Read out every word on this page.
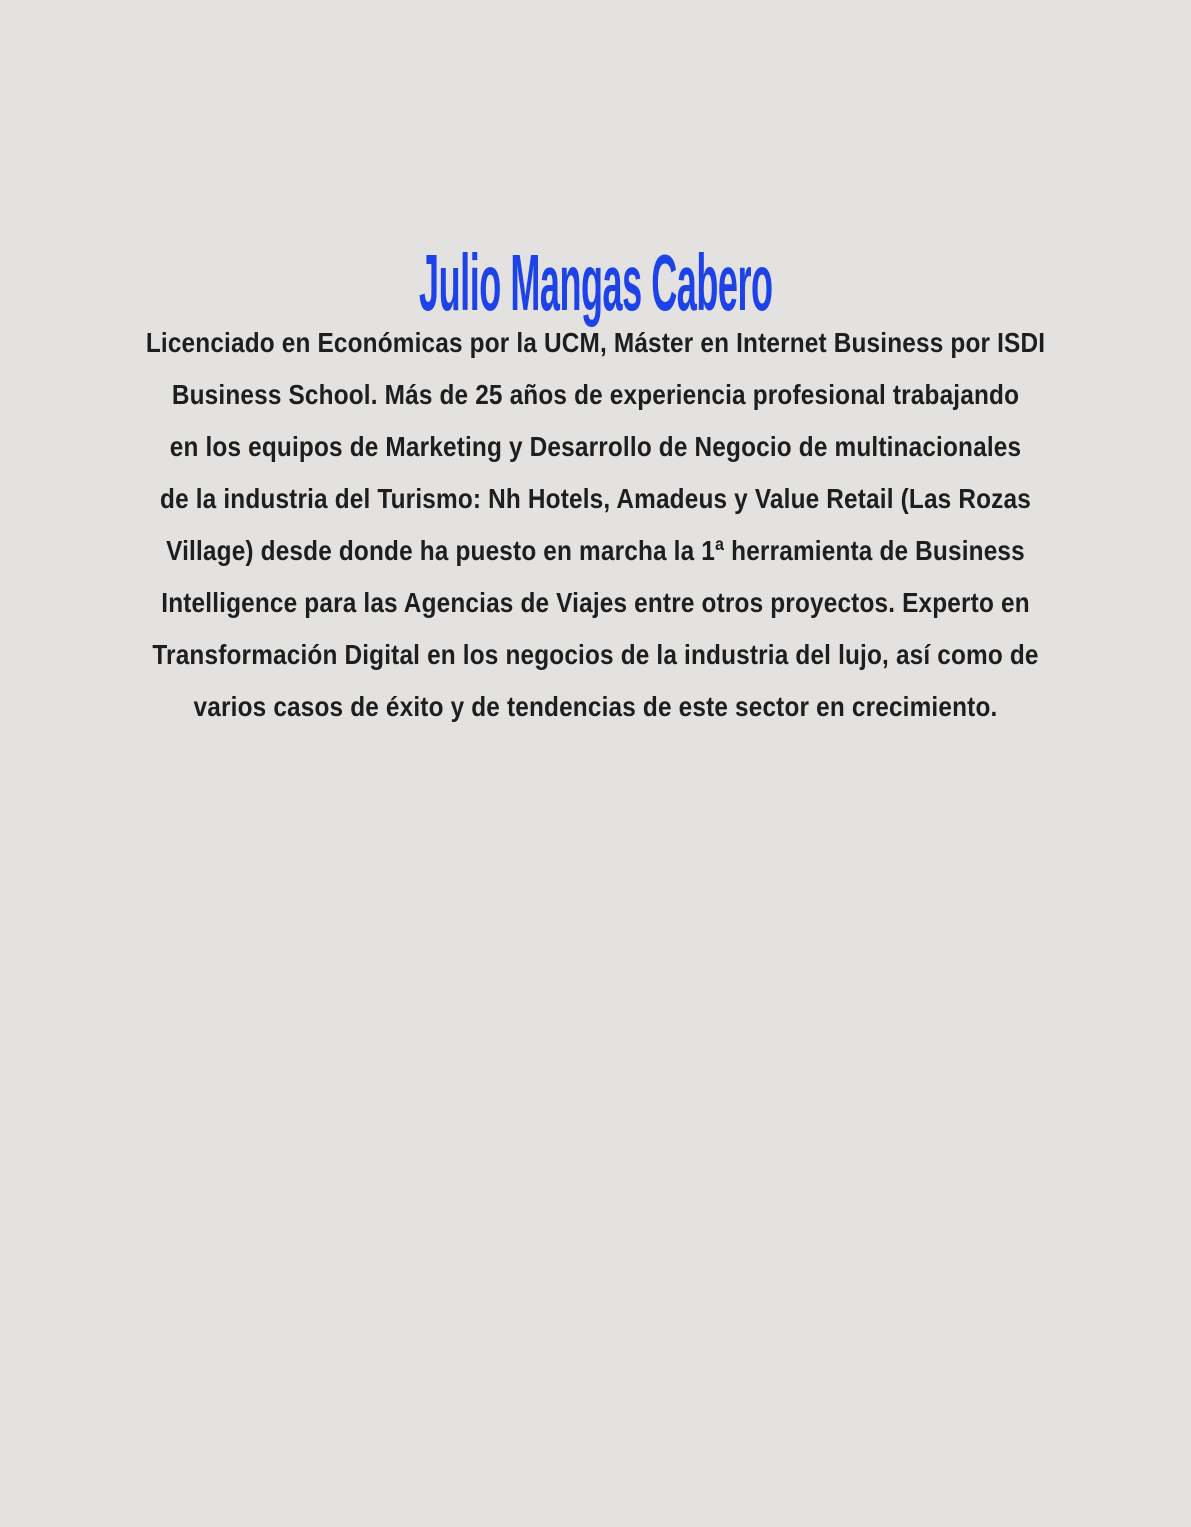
Julio Mangas Cabero
Licenciado en Económicas por la UCM, Máster en Internet Business por ISDI
Business School. Más de 25 años de experiencia profesional trabajando
en los equipos de Marketing y Desarrollo de Negocio de multinacionales
de la industria del Turismo: Nh Hotels, Amadeus y Value Retail (Las Rozas
Village) desde donde ha puesto en marcha la 1ª herramienta de Business
Intelligence para las Agencias de Viajes entre otros proyectos. Experto en
Transformación Digital en los negocios de la industria del lujo, así como de
varios casos de éxito y de tendencias de este sector en crecimiento.
